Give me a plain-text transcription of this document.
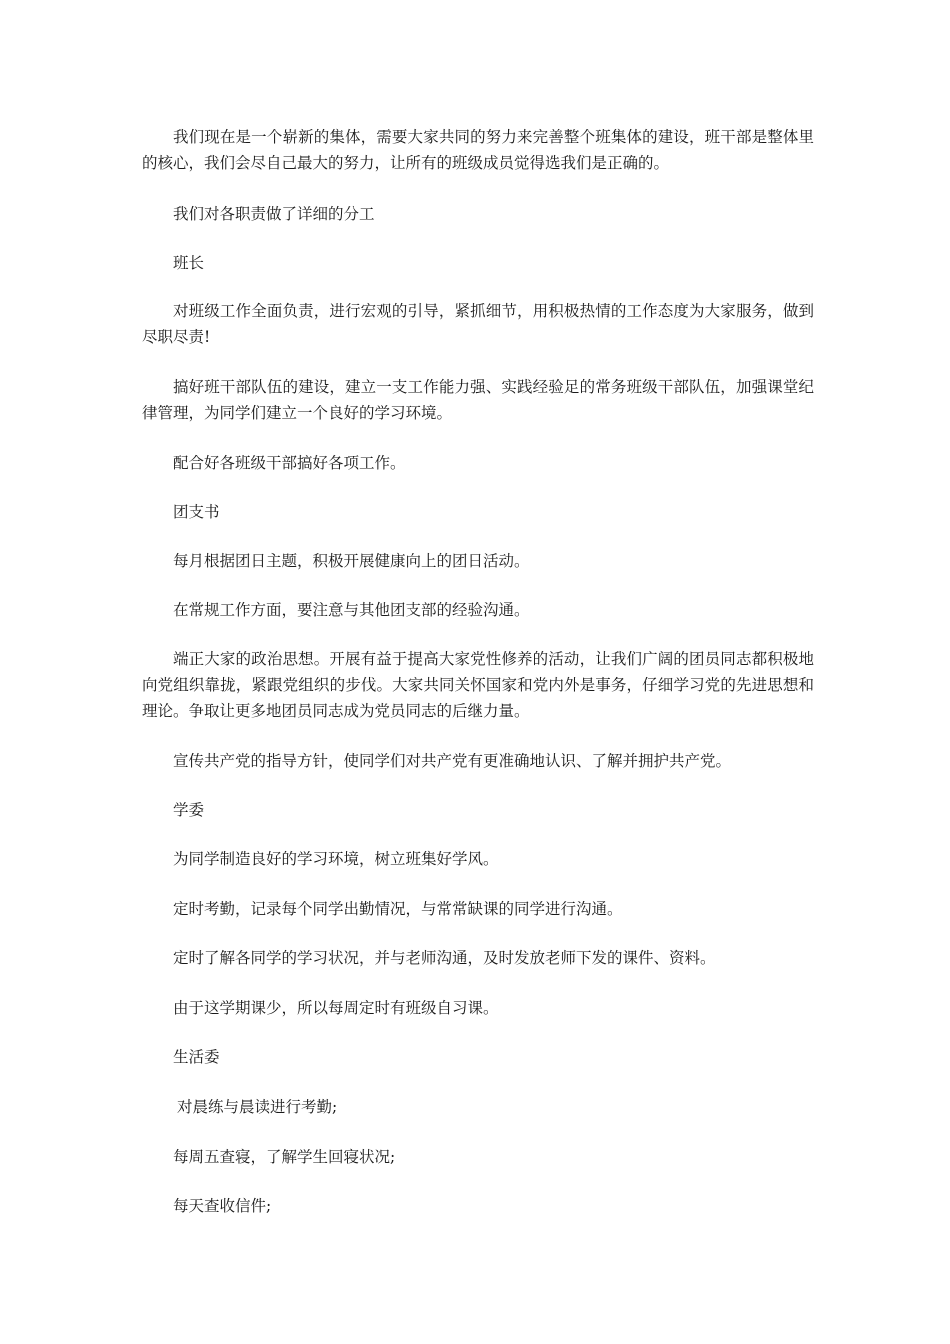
我们现在是一个崭新的集体，需要大家共同的努力来完善整个班集体的建设，班干部是整体里的核心，我们会尽自己最大的努力，让所有的班级成员觉得选我们是正确的。

我们对各职责做了详细的分工

班长

对班级工作全面负责，进行宏观的引导，紧抓细节，用积极热情的工作态度为大家服务，做到尽职尽责!

搞好班干部队伍的建设，建立一支工作能力强、实践经验足的常务班级干部队伍，加强课堂纪律管理，为同学们建立一个良好的学习环境。

配合好各班级干部搞好各项工作。

团支书

每月根据团日主题，积极开展健康向上的团日活动。

在常规工作方面，要注意与其他团支部的经验沟通。

端正大家的政治思想。开展有益于提高大家党性修养的活动，让我们广阔的团员同志都积极地向党组织靠拢，紧跟党组织的步伐。大家共同关怀国家和党内外是事务，仔细学习党的先进思想和理论。争取让更多地团员同志成为党员同志的后继力量。

宣传共产党的指导方针，使同学们对共产党有更准确地认识、了解并拥护共产党。

学委

为同学制造良好的学习环境，树立班集好学风。

定时考勤，记录每个同学出勤情况，与常常缺课的同学进行沟通。

定时了解各同学的学习状况，并与老师沟通，及时发放老师下发的课件、资料。

由于这学期课少，所以每周定时有班级自习课。

生活委

对晨练与晨读进行考勤;

每周五查寝，了解学生回寝状况;

每天查收信件;
